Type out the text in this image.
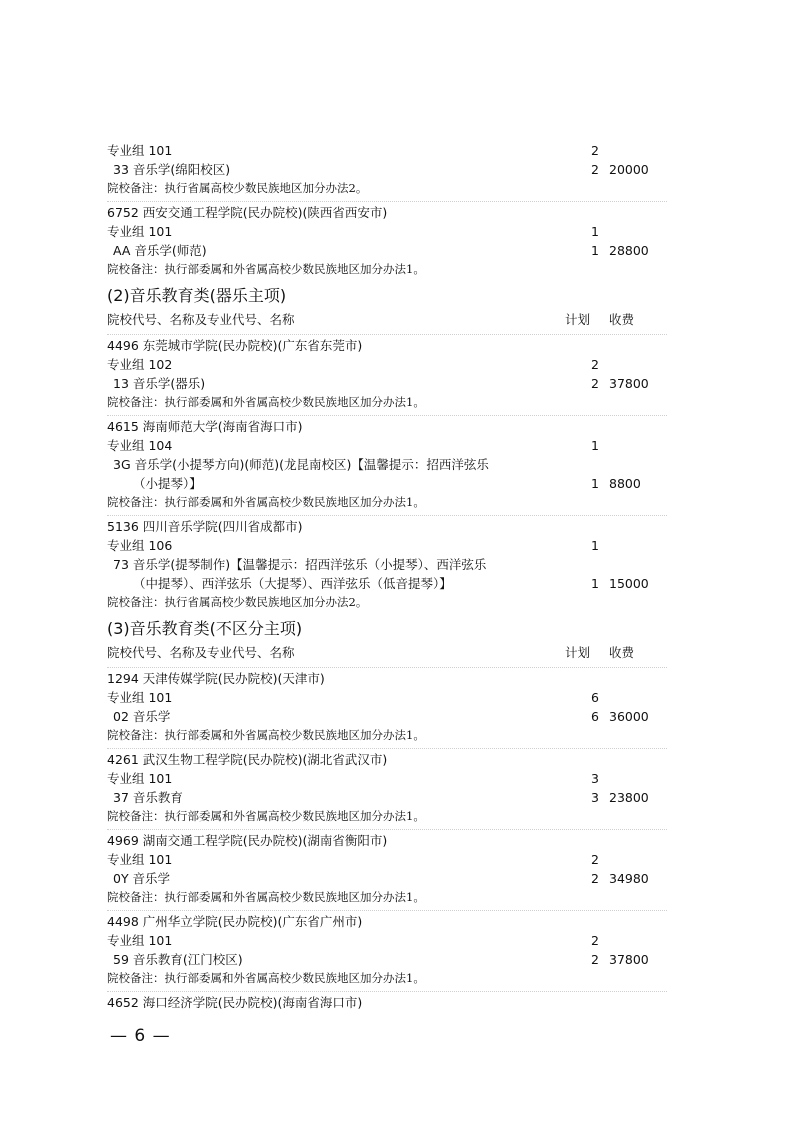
专业组 101	2
33 音乐学(绵阳校区)	2 20000
院校备注：执行省属高校少数民族地区加分办法2。
6752 西安交通工程学院(民办院校)(陕西省西安市)
专业组 101	1
AA 音乐学(师范)	1 28800
院校备注：执行部委属和外省属高校少数民族地区加分办法1。
(2)音乐教育类(器乐主项)
院校代号、名称及专业代号、名称	计划	收费
4496 东莞城市学院(民办院校)(广东省东莞市)
专业组 102	2
13 音乐学(器乐)	2 37800
院校备注：执行部委属和外省属高校少数民族地区加分办法1。
4615 海南师范大学(海南省海口市)
专业组 104	1
3G 音乐学(小提琴方向)(师范)(龙昆南校区)【温馨提示：招西洋弦乐
（小提琴）】	1 8800
院校备注：执行部委属和外省属高校少数民族地区加分办法1。
5136 四川音乐学院(四川省成都市)
专业组 106	1
73 音乐学(提琴制作)【温馨提示：招西洋弦乐（小提琴）、西洋弦乐
（中提琴）、西洋弦乐（大提琴）、西洋弦乐（低音提琴）】	1 15000
院校备注：执行省属高校少数民族地区加分办法2。
(3)音乐教育类(不区分主项)
院校代号、名称及专业代号、名称	计划	收费
1294 天津传媒学院(民办院校)(天津市)
专业组 101	6
02 音乐学	6 36000
院校备注：执行部委属和外省属高校少数民族地区加分办法1。
4261 武汉生物工程学院(民办院校)(湖北省武汉市)
专业组 101	3
37 音乐教育	3 23800
院校备注：执行部委属和外省属高校少数民族地区加分办法1。
4969 湖南交通工程学院(民办院校)(湖南省衡阳市)
专业组 101	2
0Y 音乐学	2 34980
院校备注：执行部委属和外省属高校少数民族地区加分办法1。
4498 广州华立学院(民办院校)(广东省广州市)
专业组 101	2
59 音乐教育(江门校区)	2 37800
院校备注：执行部委属和外省属高校少数民族地区加分办法1。
4652 海口经济学院(民办院校)(海南省海口市)
— 6 —
